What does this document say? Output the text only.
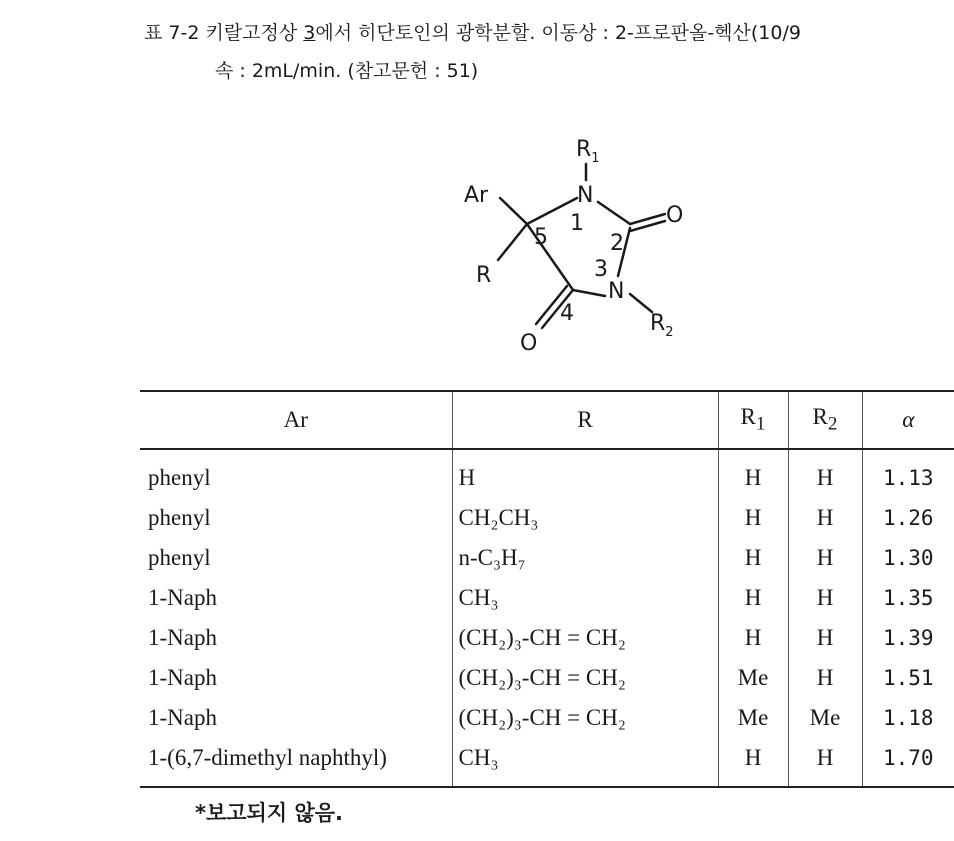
표 7-2 키랄고정상 3에서 히단토인의 광학분할. 이동상 : 2-프로판올-헥산(10/9
속 : 2mL/min. (참고문헌 : 51)
$R_1$
N
O
N
O
Ar
R
$R_2$
1
2
3
4
5
Ar	R	$R_1$	$R_2$	α
phenyl	H	H	H	1.13
phenyl	CH₂CH₃	H	H	1.26
phenyl	n-C₃H₇	H	H	1.30
1-Naph	CH₃	H	H	1.35
1-Naph	(CH₂)₃-CH = CH₂	H	H	1.39
1-Naph	(CH₂)₃-CH = CH₂	Me	H	1.51
1-Naph	(CH₂)₃-CH = CH₂	Me	Me	1.18
1-(6,7-dimethyl naphthyl)	CH₃	H	H	1.70
*보고되지 않음.
